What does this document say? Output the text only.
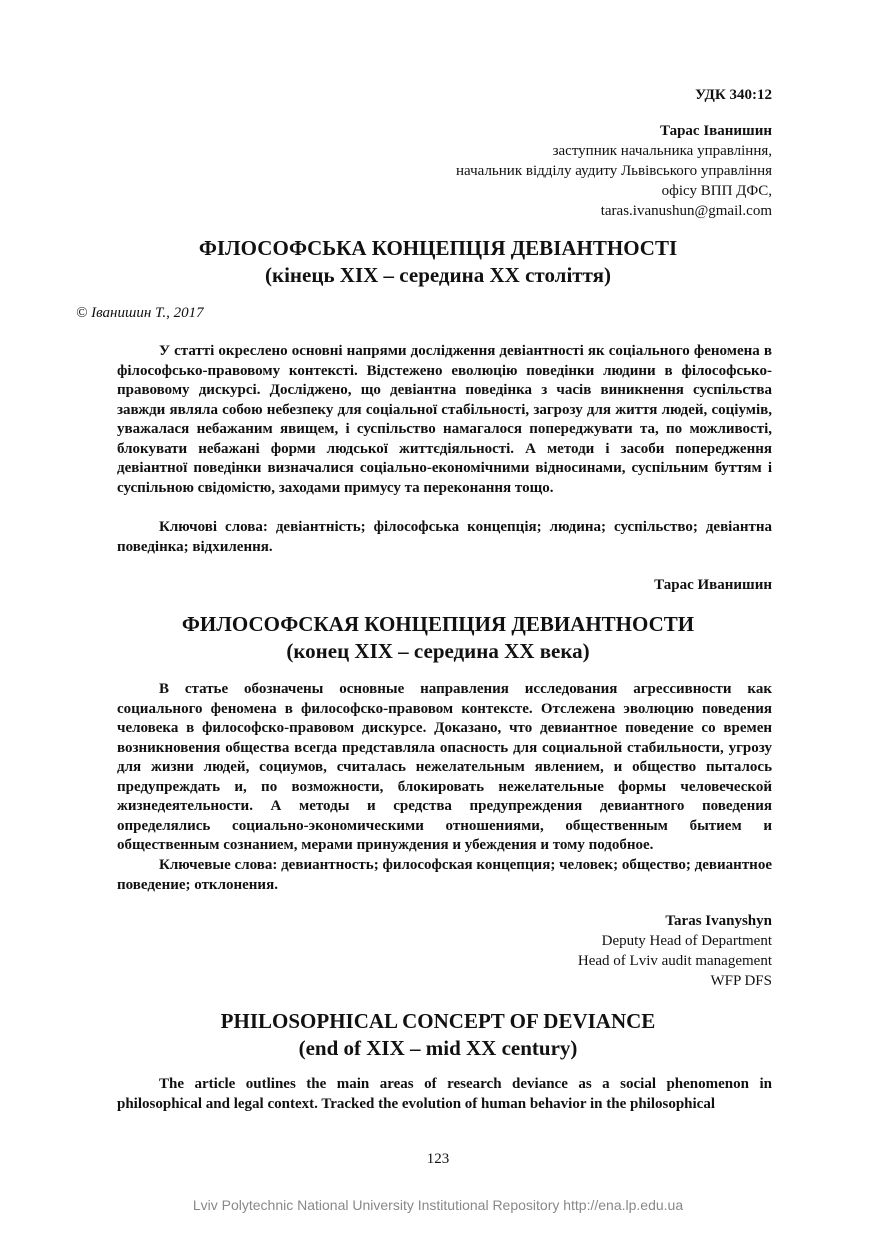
УДК 340:12
Тарас Іванишин
заступник начальника управління,
начальник відділу аудиту Львівського управління
офісу ВПП ДФС,
taras.ivanushun@gmail.com
ФІЛОСОФСЬКА КОНЦЕПЦІЯ ДЕВІАНТНОСТІ
(кінець ХІХ – середина ХХ століття)
© Іванишин Т., 2017

У статті окреслено основні напрями дослідження девіантності як соціального феномена в філософсько-правовому контексті. Відстежено еволюцію поведінки людини в філософсько-правовому дискурсі. Досліджено, що девіантна поведінка з часів виникнення суспільства завжди являла собою небезпеку для соціальної стабільності, загрозу для життя людей, соціумів, уважалася небажаним явищем, і суспільство намагалося попереджувати та, по можливості, блокувати небажані форми людської життєдіяльності. А методи і засоби попередження девіантної поведінки визначалися соціально-економічними відносинами, суспільним буттям і суспільною свідомістю, заходами примусу та переконання тощо.

Ключові слова: девіантність; філософська концепція; людина; суспільство; девіантна поведінка; відхилення.

Тарас Иванишин
ФИЛОСОФСКАЯ КОНЦЕПЦИЯ ДЕВИАНТНОСТИ
(конец ХІХ – середина ХХ века)

В статье обозначены основные направления исследования агрессивности как социального феномена в философско-правовом контексте. Отслежена эволюцию поведения человека в философско-правовом дискурсе. Доказано, что девиантное поведение со времен возникновения общества всегда представляла опасность для социальной стабильности, угрозу для жизни людей, социумов, считалась нежелательным явлением, и общество пыталось предупреждать и, по возможности, блокировать нежелательные формы человеческой жизнедеятельности. А методы и средства предупреждения девиантного поведения определялись социально-экономическими отношениями, общественным бытием и общественным сознанием, мерами принуждения и убеждения и тому подобное.

Ключевые слова: девиантность; философская концепция; человек; общество; девиантное поведение; отклонения.

Taras Ivanyshyn
Deputy Head of Department
Head of Lviv audit management
WFP DFS
PHILOSOPHICAL CONCEPT OF DEVIANCE
(end of XIX – mid XX century)

The article outlines the main areas of research deviance as a social phenomenon in philosophical and legal context. Tracked the evolution of human behavior in the philosophical

123
Lviv Polytechnic National University Institutional Repository http://ena.lp.edu.ua
